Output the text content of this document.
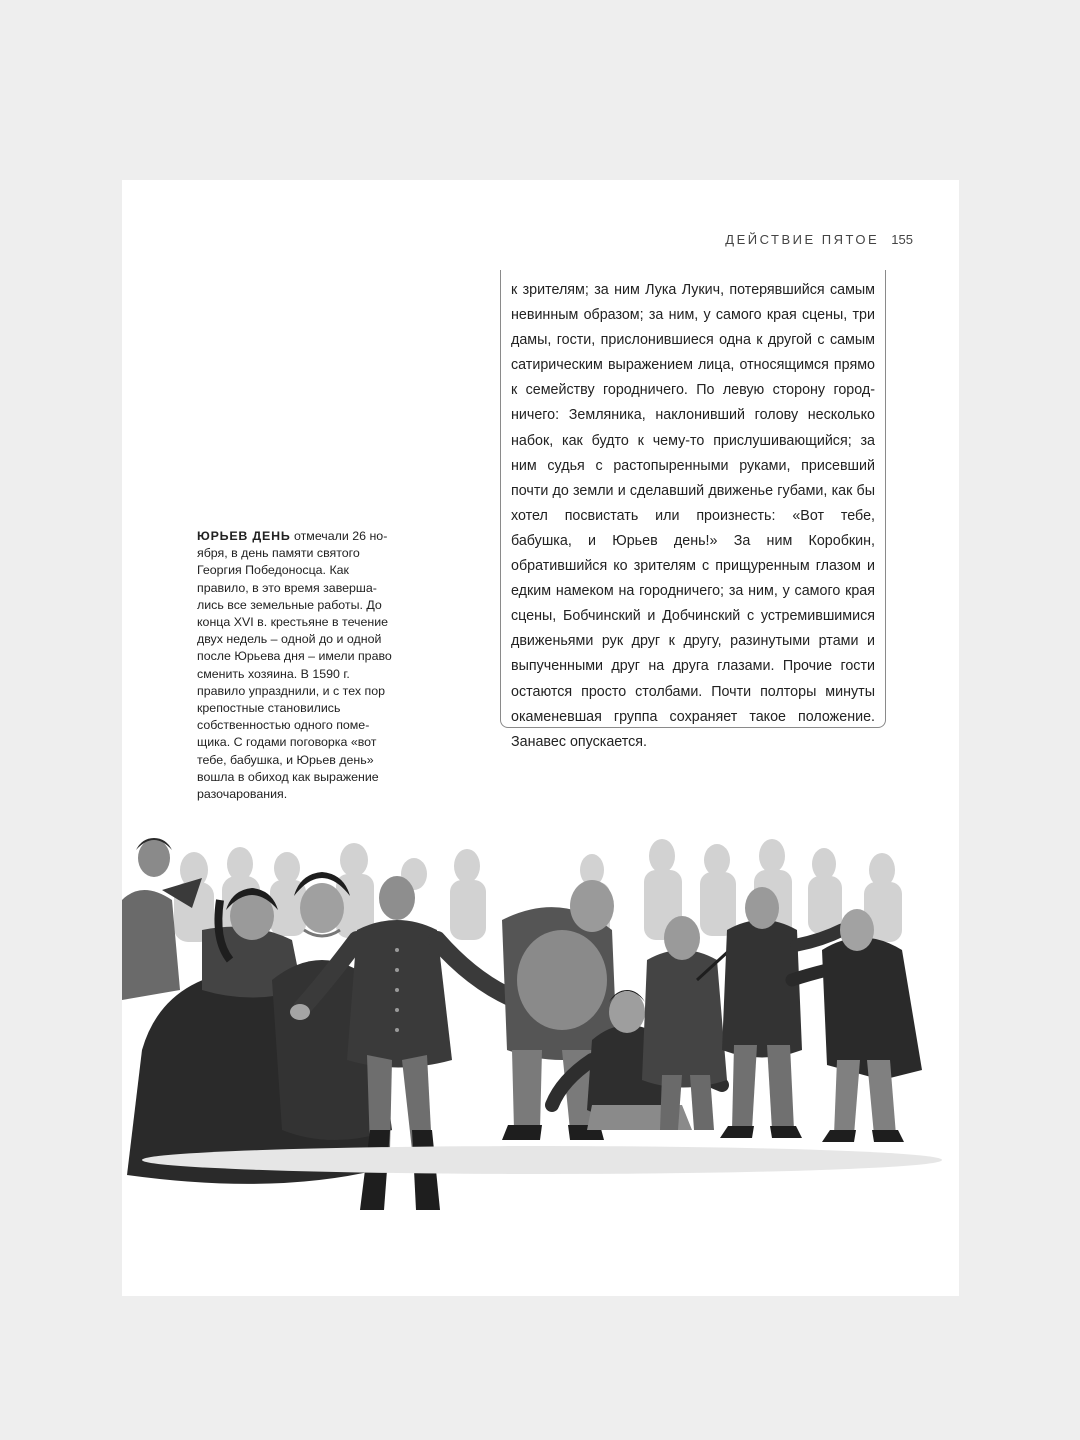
ДЕЙСТВИЕ ПЯТОЕ 155

к зрителям; за ним Лука Лукич, потерявшийся самым невинным образом; за ним, у самого края сцены, три дамы, гости, прислонившиеся одна к другой с самым сатирическим выражением лица, относящимся прямо к семейству городничего. По левую сторону городничего: Земляника, наклонивший голову несколько набок, как будто к чему-то прислушивающийся; за ним судья с растопыренными руками, присевший почти до земли и сделавший движенье губами, как бы хотел посвистать или произнесть: «Вот тебе, бабушка, и Юрьев день!» За ним Коробкин, обратившийся ко зрителям с прищуренным глазом и едким намеком на городничего; за ним, у самого края сцены, Бобчинский и Добчинский с устремившимися движеньями рук друг к другу, разинутыми ртами и выпученными друг на друга глазами. Прочие гости остаются просто столбами. Почти полторы минуты окаменевшая группа сохраняет такое положение. Занавес опускается.

ЮРЬЕВ ДЕНЬ отмечали 26 ноября, в день памяти святого Георгия Победоносца. Как правило, в это время завершались все земельные работы. До конца XVI в. крестьяне в течение двух недель – одной до и одной после Юрьева дня – имели право сменить хозяина. В 1590 г. правило упразднили, и с тех пор крепостные становились собственностью одного помещика. С годами поговорка «вот тебе, бабушка, и Юрьев день» вошла в обиход как выражение разочарования.
